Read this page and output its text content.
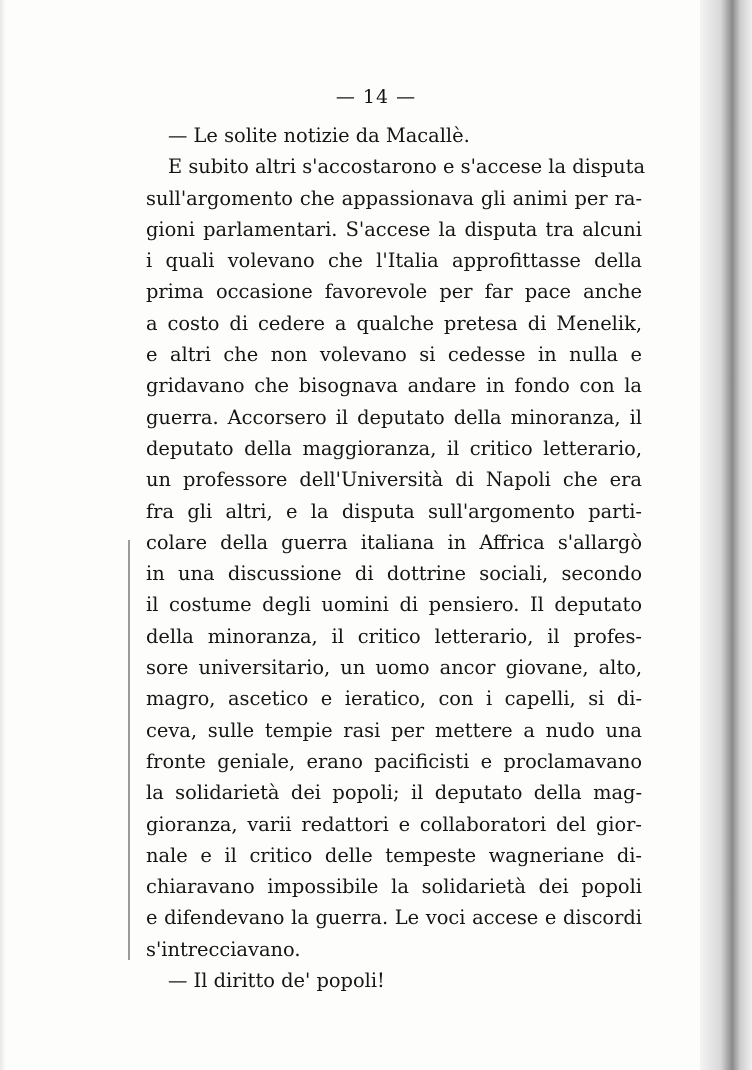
— 14 —
— Le solite notizie da Macallè.
E subito altri s'accostarono e s'accese la disputa
sull'argomento che appassionava gli animi per ra-
gioni parlamentari. S'accese la disputa tra alcuni
i quali volevano che l'Italia approfittasse della
prima occasione favorevole per far pace anche
a costo di cedere a qualche pretesa di Menelik,
e altri che non volevano si cedesse in nulla e
gridavano che bisognava andare in fondo con la
guerra. Accorsero il deputato della minoranza, il
deputato della maggioranza, il critico letterario,
un professore dell'Università di Napoli che era
fra gli altri, e la disputa sull'argomento parti-
colare della guerra italiana in Affrica s'allargò
in una discussione di dottrine sociali, secondo
il costume degli uomini di pensiero. Il deputato
della minoranza, il critico letterario, il profes-
sore universitario, un uomo ancor giovane, alto,
magro, ascetico e ieratico, con i capelli, si di-
ceva, sulle tempie rasi per mettere a nudo una
fronte geniale, erano pacificisti e proclamavano
la solidarietà dei popoli; il deputato della mag-
gioranza, varii redattori e collaboratori del gior-
nale e il critico delle tempeste wagneriane di-
chiaravano impossibile la solidarietà dei popoli
e difendevano la guerra. Le voci accese e discordi
s'intrecciavano.
— Il diritto de' popoli!
